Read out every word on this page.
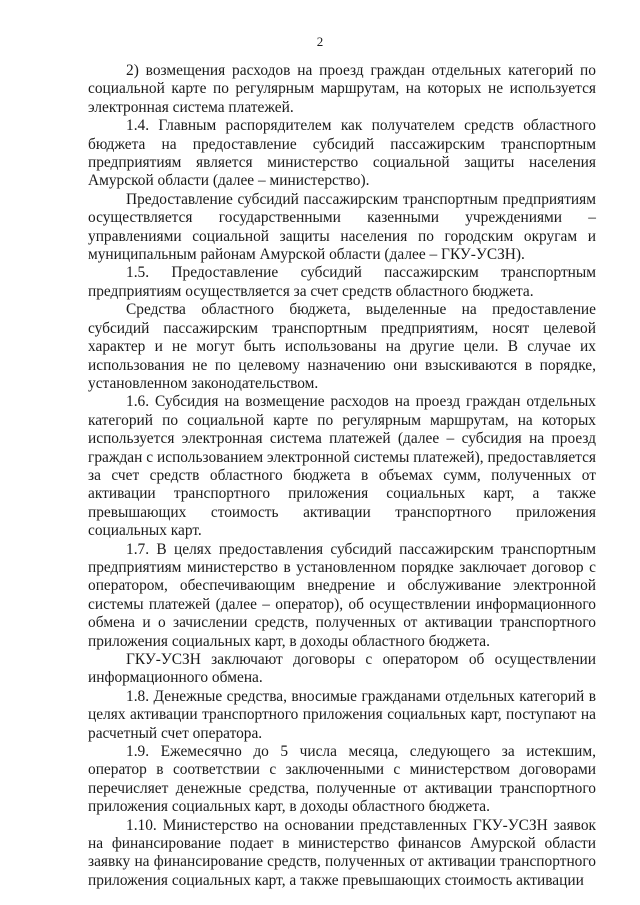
2

2) возмещения расходов на проезд граждан отдельных категорий по социальной карте по регулярным маршрутам, на которых не используется электронная система платежей.

1.4. Главным распорядителем как получателем средств областного бюджета на предоставление субсидий пассажирским транспортным предприятиям является министерство социальной защиты населения Амурской области (далее – министерство).

Предоставление субсидий пассажирским транспортным предприятиям осуществляется государственными казенными учреждениями – управлениями социальной защиты населения по городским округам и муниципальным районам Амурской области (далее – ГКУ-УСЗН).

1.5. Предоставление субсидий пассажирским транспортным предприятиям осуществляется за счет средств областного бюджета.

Средства областного бюджета, выделенные на предоставление субсидий пассажирским транспортным предприятиям, носят целевой характер и не могут быть использованы на другие цели. В случае их использования не по целевому назначению они взыскиваются в порядке, установленном законодательством.

1.6. Субсидия на возмещение расходов на проезд граждан отдельных категорий по социальной карте по регулярным маршрутам, на которых используется электронная система платежей (далее – субсидия на проезд граждан с использованием электронной системы платежей), предоставляется за счет средств областного бюджета в объемах сумм, полученных от активации транспортного приложения социальных карт, а также превышающих стоимость активации транспортного приложения социальных карт.

1.7. В целях предоставления субсидий пассажирским транспортным предприятиям министерство в установленном порядке заключает договор с оператором, обеспечивающим внедрение и обслуживание электронной системы платежей (далее – оператор), об осуществлении информационного обмена и о зачислении средств, полученных от активации транспортного приложения социальных карт, в доходы областного бюджета.

ГКУ-УСЗН заключают договоры с оператором об осуществлении информационного обмена.

1.8. Денежные средства, вносимые гражданами отдельных категорий в целях активации транспортного приложения социальных карт, поступают на расчетный счет оператора.

1.9. Ежемесячно до 5 числа месяца, следующего за истекшим, оператор в соответствии с заключенными с министерством договорами перечисляет денежные средства, полученные от активации транспортного приложения социальных карт, в доходы областного бюджета.

1.10. Министерство на основании представленных ГКУ-УСЗН заявок на финансирование подает в министерство финансов Амурской области заявку на финансирование средств, полученных от активации транспортного приложения социальных карт, а также превышающих стоимость активации
